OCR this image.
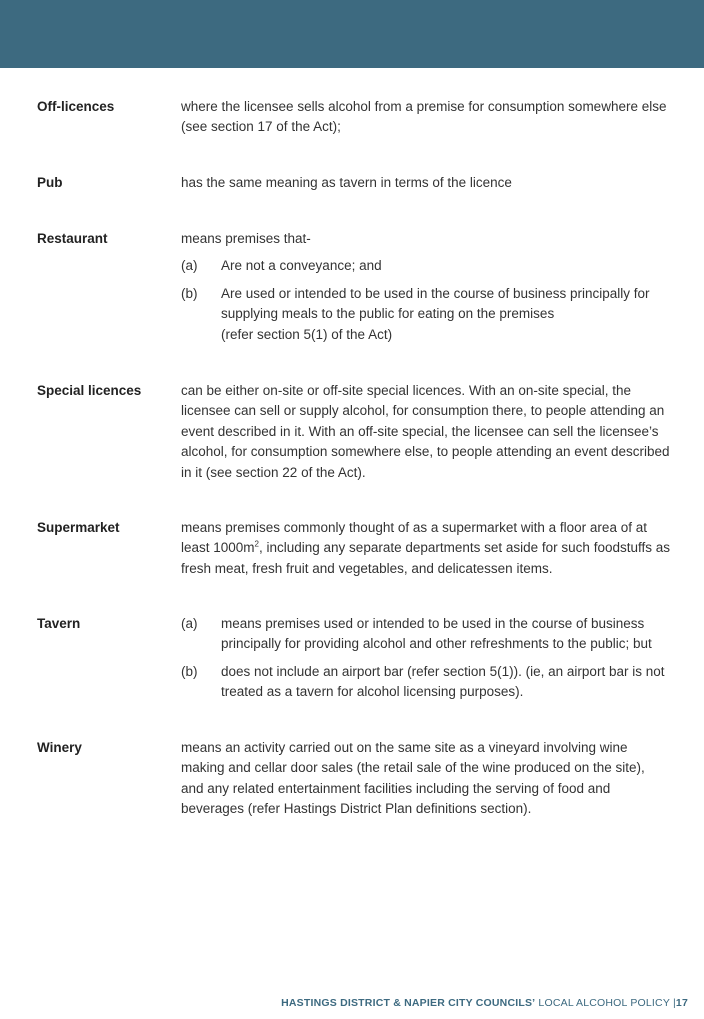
Off-licences	where the licensee sells alcohol from a premise for consumption somewhere else (see section 17 of the Act);

Pub	has the same meaning as tavern in terms of the licence

Restaurant	means premises that-

(a) Are not a conveyance; and
(b) Are used or intended to be used in the course of business principally for supplying meals to the public for eating on the premises
(refer section 5(1) of the Act)
Special licences	can be either on-site or off-site special licences. With an on-site special, the licensee can sell or supply alcohol, for consumption there, to people attending an event described in it. With an off-site special, the licensee can sell the licensee’s alcohol, for consumption somewhere else, to people attending an event described in it (see section 22 of the Act).

Supermarket	means premises commonly thought of as a supermarket with a floor area of at least $1000m^2$, including any separate departments set aside for such foodstuffs as fresh meat, fresh fruit and vegetables, and delicatessen items.

Tavern	(a) means premises used or intended to be used in the course of business principally for providing alcohol and other refreshments to the public; but
(b) does not include an airport bar (refer section 5(1)). (ie, an airport bar is not treated as a tavern for alcohol licensing purposes).
Winery	means an activity carried out on the same site as a vineyard involving wine making and cellar door sales (the retail sale of the wine produced on the site), and any related entertainment facilities including the serving of food and beverages (refer Hastings District Plan definitions section).

HASTINGS DISTRICT & NAPIER CITY COUNCILS’ LOCAL ALCOHOL POLICY |17
